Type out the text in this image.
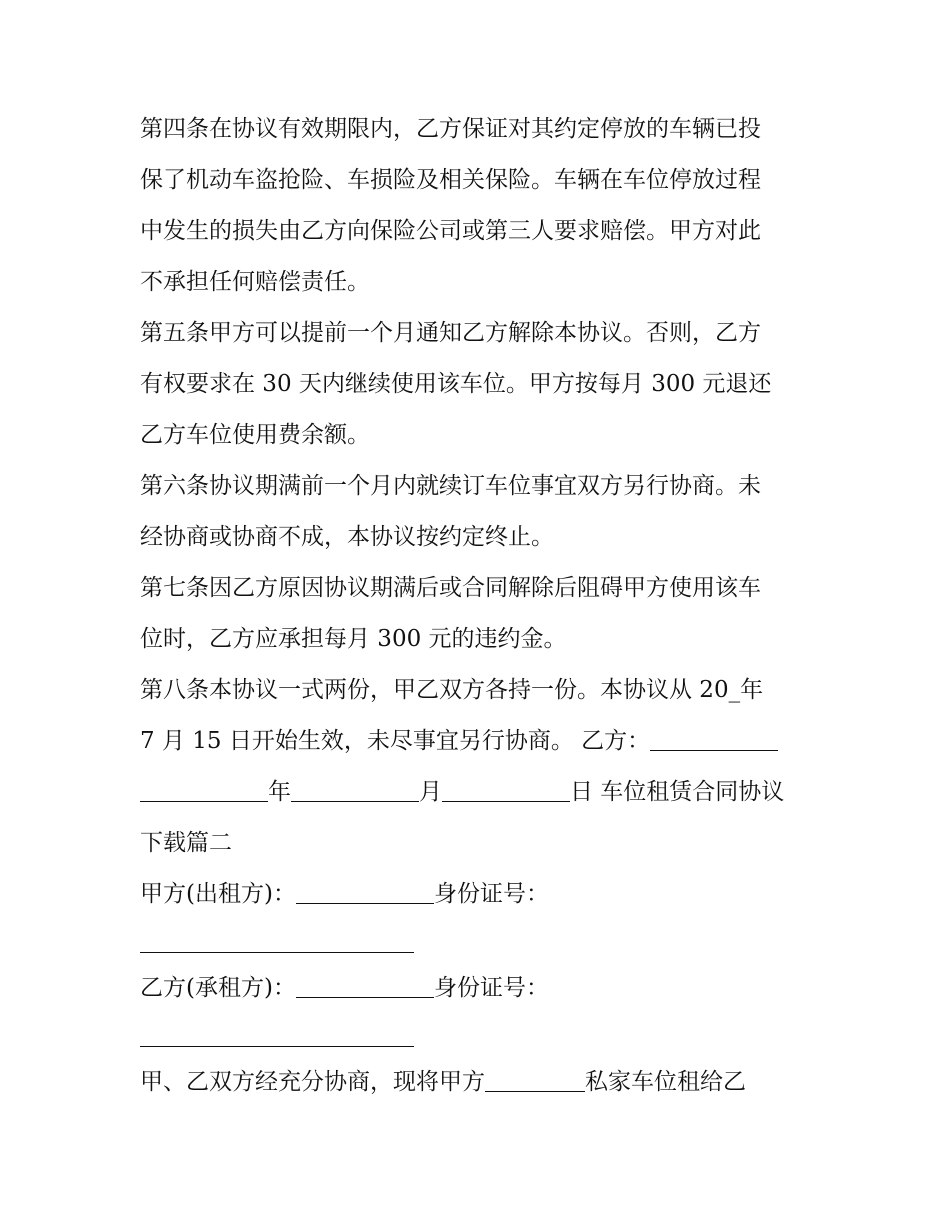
第四条在协议有效期限内，乙方保证对其约定停放的车辆已投
保了机动车盗抢险、车损险及相关保险。车辆在车位停放过程
中发生的损失由乙方向保险公司或第三人要求赔偿。甲方对此
不承担任何赔偿责任。
第五条甲方可以提前一个月通知乙方解除本协议。否则，乙方
有权要求在 30 天内继续使用该车位。甲方按每月 300 元退还
乙方车位使用费余额。
第六条协议期满前一个月内就续订车位事宜双方另行协商。未
经协商或协商不成，本协议按约定终止。
第七条因乙方原因协议期满后或合同解除后阻碍甲方使用该车
位时，乙方应承担每月 300 元的违约金。
第八条本协议一式两份，甲乙双方各持一份。本协议从 20_年
7 月 15 日开始生效，未尽事宜另行协商。 乙方：
年	月	日 车位租赁合同协议
下载篇二
甲方(出租方)：	身份证号：
乙方(承租方)：	身份证号：
甲、乙双方经充分协商，现将甲方	私家车位租给乙
